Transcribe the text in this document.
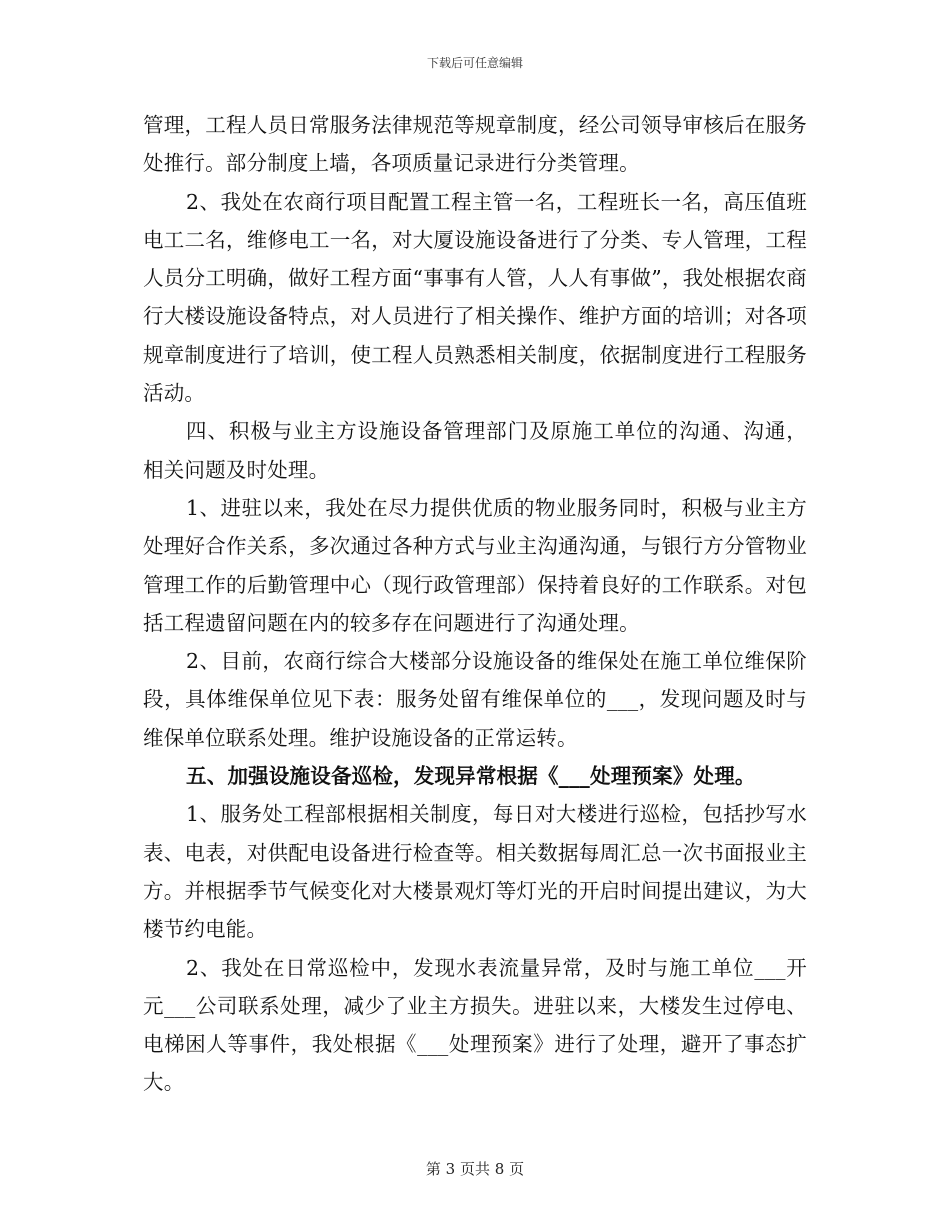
下载后可任意编辑

管理，工程人员日常服务法律规范等规章制度，经公司领导审核后在服务处推行。部分制度上墙，各项质量记录进行分类管理。

2、我处在农商行项目配置工程主管一名，工程班长一名，高压值班电工二名，维修电工一名，对大厦设施设备进行了分类、专人管理，工程人员分工明确，做好工程方面“事事有人管，人人有事做”，我处根据农商行大楼设施设备特点，对人员进行了相关操作、维护方面的培训；对各项规章制度进行了培训，使工程人员熟悉相关制度，依据制度进行工程服务活动。

四、积极与业主方设施设备管理部门及原施工单位的沟通、沟通，相关问题及时处理。

1、进驻以来，我处在尽力提供优质的物业服务同时，积极与业主方处理好合作关系，多次通过各种方式与业主沟通沟通，与银行方分管物业管理工作的后勤管理中心（现行政管理部）保持着良好的工作联系。对包括工程遗留问题在内的较多存在问题进行了沟通处理。

2、目前，农商行综合大楼部分设施设备的维保处在施工单位维保阶段，具体维保单位见下表：服务处留有维保单位的___，发现问题及时与维保单位联系处理。维护设施设备的正常运转。

五、加强设施设备巡检，发现异常根据《___处理预案》处理。

1、服务处工程部根据相关制度，每日对大楼进行巡检，包括抄写水表、电表，对供配电设备进行检查等。相关数据每周汇总一次书面报业主方。并根据季节气候变化对大楼景观灯等灯光的开启时间提出建议，为大楼节约电能。

2、我处在日常巡检中，发现水表流量异常，及时与施工单位___开元___公司联系处理，减少了业主方损失。进驻以来，大楼发生过停电、电梯困人等事件，我处根据《___处理预案》进行了处理，避开了事态扩大。

第 3 页共 8 页
